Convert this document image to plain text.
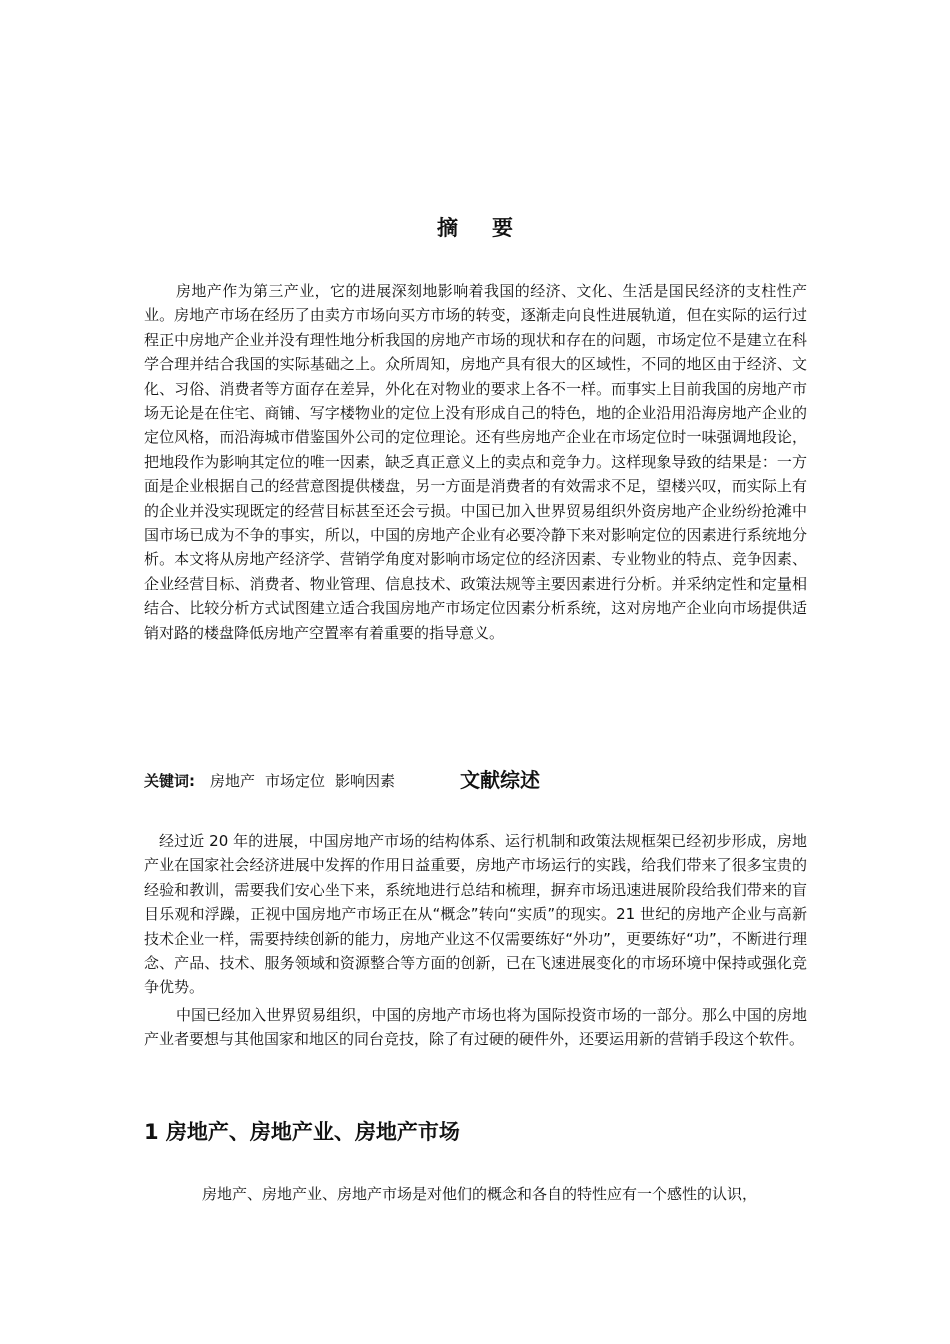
摘要
房地产作为第三产业，它的进展深刻地影响着我国的经济、文化、生活是国民经济的支柱性产业。房地产市场在经历了由卖方市场向买方市场的转变，逐渐走向良性进展轨道，但在实际的运行过程正中房地产企业并没有理性地分析我国的房地产市场的现状和存在的问题，市场定位不是建立在科学合理并结合我国的实际基础之上。众所周知，房地产具有很大的区域性，不同的地区由于经济、文化、习俗、消费者等方面存在差异，外化在对物业的要求上各不一样。而事实上目前我国的房地产市场无论是在住宅、商铺、写字楼物业的定位上没有形成自己的特色，地的企业沿用沿海房地产企业的定位风格，而沿海城市借鉴国外公司的定位理论。还有些房地产企业在市场定位时一味强调地段论，把地段作为影响其定位的唯一因素，缺乏真正意义上的卖点和竞争力。这样现象导致的结果是：一方面是企业根据自己的经营意图提供楼盘，另一方面是消费者的有效需求不足，望楼兴叹，而实际上有的企业并没实现既定的经营目标甚至还会亏损。中国已加入世界贸易组织外资房地产企业纷纷抢滩中国市场已成为不争的事实，所以，中国的房地产企业有必要冷静下来对影响定位的因素进行系统地分析。本文将从房地产经济学、营销学角度对影响市场定位的经济因素、专业物业的特点、竞争因素、企业经营目标、消费者、物业管理、信息技术、政策法规等主要因素进行分析。并采纳定性和定量相结合、比较分析方式试图建立适合我国房地产市场定位因素分析系统，这对房地产企业向市场提供适销对路的楼盘降低房地产空置率有着重要的指导意义。
关键词: 房地产 市场定位 影响因素	文献综述
经过近 20 年的进展，中国房地产市场的结构体系、运行机制和政策法规框架已经初步形成，房地产业在国家社会经济进展中发挥的作用日益重要，房地产市场运行的实践，给我们带来了很多宝贵的经验和教训，需要我们安心坐下来，系统地进行总结和梳理，摒弃市场迅速进展阶段给我们带来的盲目乐观和浮躁，正视中国房地产市场正在从“概念”转向“实质”的现实。21 世纪的房地产企业与高新技术企业一样，需要持续创新的能力，房地产业这不仅需要练好“外功”，更要练好“功”，不断进行理念、产品、技术、服务领域和资源整合等方面的创新，已在飞速进展变化的市场环境中保持或强化竞争优势。
中国已经加入世界贸易组织，中国的房地产市场也将为国际投资市场的一部分。那么中国的房地产业者要想与其他国家和地区的同台竞技，除了有过硬的硬件外，还要运用新的营销手段这个软件。
1 房地产、房地产业、房地产市场
房地产、房地产业、房地产市场是对他们的概念和各自的特性应有一个感性的认识，
